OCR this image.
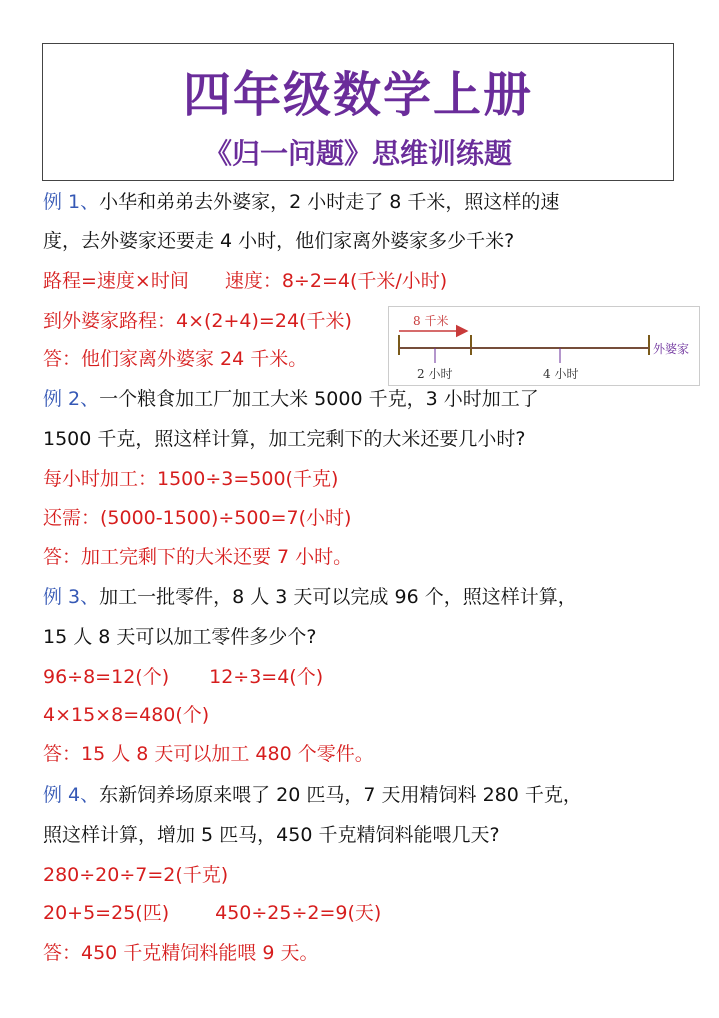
四年级数学上册
《归一问题》思维训练题
例 1、小华和弟弟去外婆家，2 小时走了 8 千米，照这样的速
度，去外婆家还要走 4 小时，他们家离外婆家多少千米?
路程=速度×时间 速度：8÷2=4(千米/小时)
到外婆家路程：4×(2+4)=24(千米)
答：他们家离外婆家 24 千米。
8 千米
2 小时	4 小时
外婆家
例 2、一个粮食加工厂加工大米 5000 千克，3 小时加工了
1500 千克，照这样计算，加工完剩下的大米还要几小时?
每小时加工：1500÷3=500(千克)
还需：(5000-1500)÷500=7(小时)
答：加工完剩下的大米还要 7 小时。
例 3、加工一批零件，8 人 3 天可以完成 96 个，照这样计算，
15 人 8 天可以加工零件多少个?
96÷8=12(个) 12÷3=4(个)
4×15×8=480(个)
答：15 人 8 天可以加工 480 个零件。
例 4、东新饲养场原来喂了 20 匹马，7 天用精饲料 280 千克，
照这样计算，增加 5 匹马，450 千克精饲料能喂几天?
280÷20÷7=2(千克)
20+5=25(匹) 450÷25÷2=9(天)
答：450 千克精饲料能喂 9 天。
